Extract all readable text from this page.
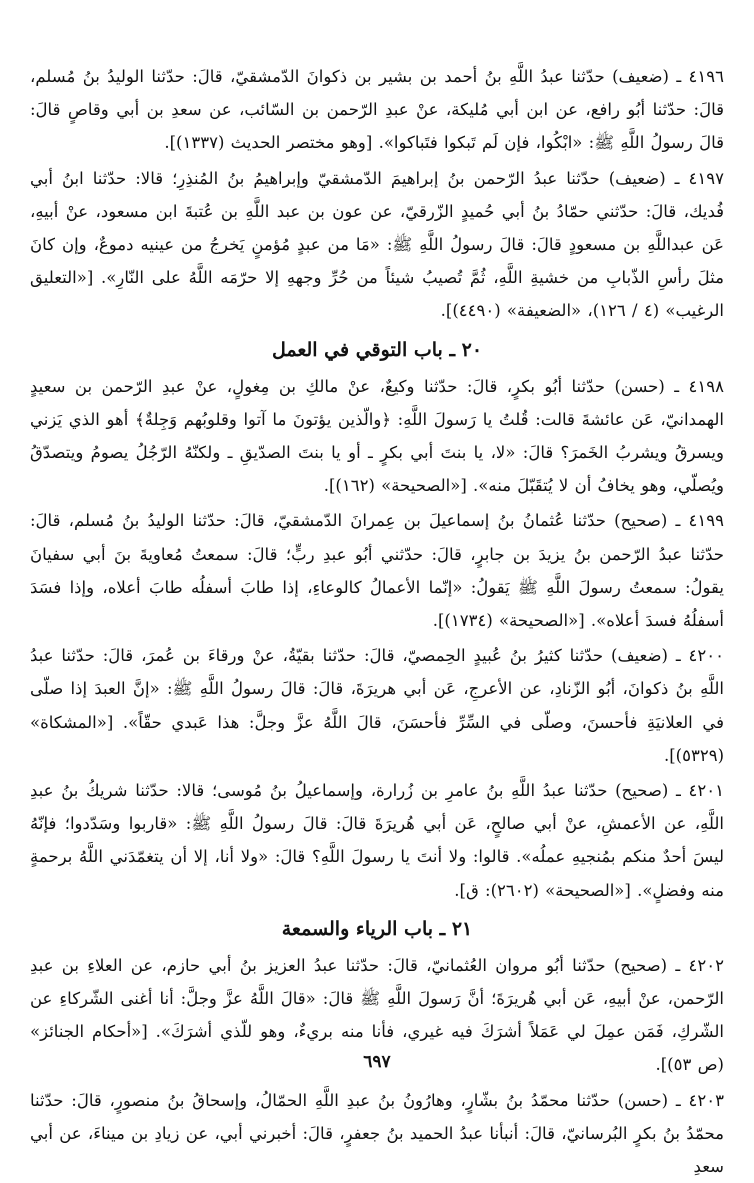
٤١٩٦ ـ (ضعيف) حدّثنا عبدُ اللَّهِ بنُ أحمد بن بشير بن ذكوانَ الدّمشقيّ، قالَ: حدّثنا الوليدُ بنُ مُسلم، قالَ: حدّثنا أبُو رافع، عن ابن أبي مُليكة، عنْ عبدِ الرّحمن بن السّائب، عن سعدِ بن أبي وقاصٍ قالَ: قالَ رسولُ اللَّهِ ﷺ: «ابْكُوا، فإن لَم تَبكوا فتَباكوا». [وهو مختصر الحديث (١٣٣٧)].

٤١٩٧ ـ (ضعيف) حدّثنا عبدُ الرّحمن بنُ إبراهيمَ الدّمشقيّ وإبراهيمُ بنُ المُنذِرِ؛ قالا: حدّثنا ابنُ أبي فُديك، قالَ: حدّثني حمّادُ بنُ أبي حُميدٍ الزّرقيّ، عن عون بن عبد اللَّهِ بن عُتبةَ ابن مسعود، عنْ أبيهِ، عَن عبداللَّهِ بن مسعودٍ قالَ: قالَ رسولُ اللَّهِ ﷺ: «مَا من عبدٍ مُؤمنٍ يَخرجُ من عينيه دموعٌ، وإن كانَ مثلَ رأسِ الذّبابِ من خشيةِ اللَّهِ، ثُمَّ تُصيبُ شيئاً من حُرِّ وجههِ إلا حرّمَه اللَّهُ على النّارِ». [«التعليق الرغيب» (٤ / ١٢٦)، «الضعيفة» (٤٤٩٠)].

٢٠ ـ باب التوقي في العمل

٤١٩٨ ـ (حسن) حدّثنا أبُو بكرٍ، قالَ: حدّثنا وكيعٌ، عنْ مالكِ بن مِغولٍ، عنْ عبدِ الرّحمن بن سعيدٍ الهمدانيّ، عَن عائشةَ قالت: قُلتُ يا رَسولَ اللَّهِ: ﴿والّذين يؤتونَ ما آتوا وقلوبُهم وَجِلةٌ﴾ أهو الذي يَزني ويسرقُ ويشربُ الخَمرَ؟ قالَ: «لا، يا بنتَ أبي بكرٍ ـ أو يا بنتَ الصدّيقِ ـ ولكنّهُ الرّجُلُ يصومُ ويتصدّقُ ويُصلّي، وهو يخافُ أن لا يُتقَبّلَ منه». [«الصحيحة» (١٦٢)].

٤١٩٩ ـ (صحيح) حدّثنا عُثمانُ بنُ إسماعيلَ بن عِمرانَ الدّمشقيّ، قالَ: حدّثنا الوليدُ بنُ مُسلم، قالَ: حدّثنا عبدُ الرّحمن بنُ يزيدَ بن جابرٍ، قالَ: حدّثني أبُو عبدِ ربٍّ؛ قالَ: سمعتُ مُعاويةَ بنَ أبي سفيانَ يقولُ: سمعتُ رسولَ اللَّهِ ﷺ يَقولُ: «إنّما الأعمالُ كالوعاءِ، إذا طابَ أسفلُه طابَ أعلاه، وإذا فسَدَ أسفلُهُ فسدَ أعلاه». [«الصحيحة» (١٧٣٤)].

٤٢٠٠ ـ (ضعيف) حدّثنا كثيرُ بنُ عُبيدٍ الحِمصيّ، قالَ: حدّثنا بقيّةُ، عنْ ورقاءَ بن عُمرَ، قالَ: حدّثنا عبدُ اللَّهِ بنُ ذكوانَ، أبُو الزّنادِ، عن الأعرجِ، عَن أبي هريرَةَ، قالَ: قالَ رسولُ اللَّهِ ﷺ: «إنَّ العبدَ إذا صلّى في العلانيَةِ فأحسنَ، وصلّى في السِّرِّ فأحسَنَ، قالَ اللَّهُ عزَّ وجلَّ: هذا عَبدي حقّاً». [«المشكاة» (٥٣٢٩)].

٤٢٠١ ـ (صحيح) حدّثنا عبدُ اللَّهِ بنُ عامرِ بن زُرارة، وإسماعيلُ بنُ مُوسى؛ قالا: حدّثنا شريكُ بنُ عبدِ اللَّهِ، عن الأعمشِ، عنْ أبي صالحٍ، عَن أبي هُريرَةَ قالَ: قالَ رسولُ اللَّهِ ﷺ: «قاربوا وسَدّدوا؛ فإنّهُ ليسَ أحدٌ منكم بمُنجيهِ عملُه». قالوا: ولا أنتَ يا رسولَ اللَّهِ؟ قالَ: «ولا أنا، إلا أن يتغمّدَني اللَّهُ برحمةٍ منه وفضلٍ». [«الصحيحة» (٢٦٠٢): ق].

٢١ ـ باب الرياء والسمعة

٤٢٠٢ ـ (صحيح) حدّثنا أبُو مروان العُثمانيّ، قالَ: حدّثنا عبدُ العزيز بنُ أبي حازم، عن العلاءِ بن عبدِ الرّحمن، عنْ أبيهِ، عَن أبي هُريرَةَ؛ أنَّ رَسولَ اللَّهِ ﷺ قالَ: «قالَ اللَّهُ عزَّ وجلَّ: أنا أغنى الشّركاءِ عن الشّركِ، فَمَن عمِلَ لي عَمَلاً أشرَكَ فيه غيري، فأنا منه بريءٌ، وهو للّذي أشرَكَ». [«أحكام الجنائز» (ص ٥٣)].

٤٢٠٣ ـ (حسن) حدّثنا محمّدُ بنُ بشّارٍ، وهارُونُ بنُ عبدِ اللَّهِ الحمّالُ، وإسحاقُ بنُ منصورٍ، قالَ: حدّثنا محمّدُ بنُ بكرٍ البُرسانيّ، قالَ: أنبأنا عبدُ الحميد بنُ جعفرٍ، قالَ: أخبرني أبي، عن زيادِ بن ميناءَ، عن أبي سعدِ

٦٩٧
